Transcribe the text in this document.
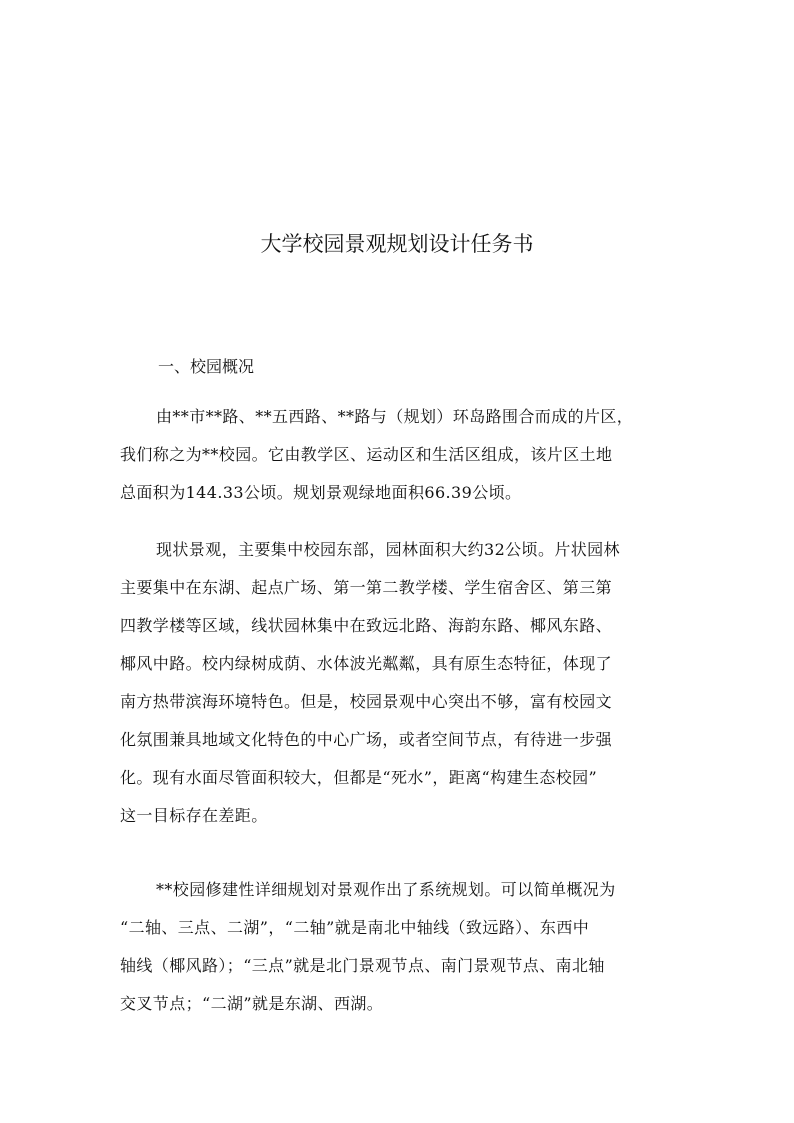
大学校园景观规划设计任务书
一、校园概况
由**市**路、**五西路、**路与（规划）环岛路围合而成的片区，
我们称之为**校园。它由教学区、运动区和生活区组成，该片区土地
总面积为144.33公顷。规划景观绿地面积66.39公顷。
现状景观，主要集中校园东部，园林面积大约32公顷。片状园林
主要集中在东湖、起点广场、第一第二教学楼、学生宿舍区、第三第
四教学楼等区域，线状园林集中在致远北路、海韵东路、椰风东路、
椰风中路。校内绿树成荫、水体波光粼粼，具有原生态特征，体现了
南方热带滨海环境特色。但是，校园景观中心突出不够，富有校园文
化氛围兼具地域文化特色的中心广场，或者空间节点，有待进一步强
化。现有水面尽管面积较大，但都是“死水”，距离“构建生态校园”
这一目标存在差距。
**校园修建性详细规划对景观作出了系统规划。可以简单概况为
“二轴、三点、二湖”，“二轴”就是南北中轴线（致远路）、东西中
轴线（椰风路）；“三点”就是北门景观节点、南门景观节点、南北轴
交叉节点；“二湖”就是东湖、西湖。
